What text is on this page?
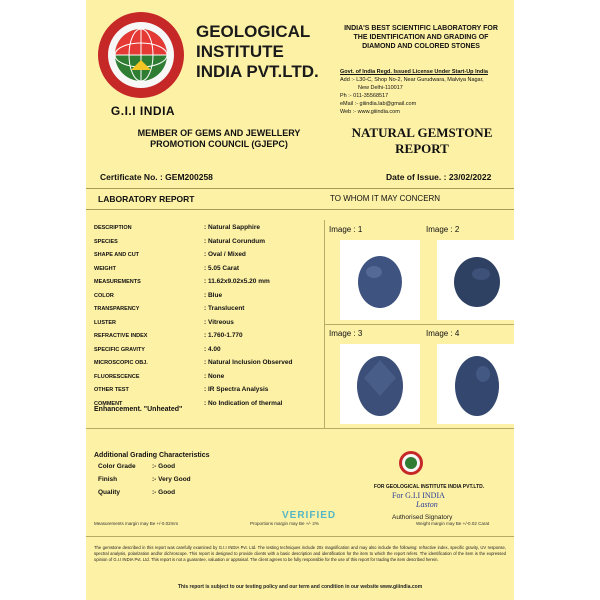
G.I.I INDIA
GEOLOGICAL
INSTITUTE
INDIA PVT.LTD.
MEMBER OF GEMS AND JEWELLERY
PROMOTION COUNCIL (GJEPC)
INDIA'S BEST SCIENTIFIC LABORATORY FOR
THE IDENTIFICATION AND GRADING OF
DIAMOND AND COLORED STONES
Govt. of India Regd. Issued License Under Start-Up India
Add :- L30-C, Shop No-2, Near Gurudwara, Malviya Nagar,
New Delhi-110017
Ph :- 011-35568517
eMail :- giiindia.lab@gmail.com
Web :- www.giiindia.com
NATURAL GEMSTONE
REPORT
Certificate No. : GEM200258	Date of Issue. : 23/02/2022
LABORATORY REPORT	TO WHOM IT MAY CONCERN
DESCRIPTION	: Natural Sapphire
SPECIES	: Natural Corundum
SHAPE AND CUT	: Oval / Mixed
WEIGHT	: 5.05 Carat
MEASUREMENTS	: 11.62x9.02x5.20 mm
COLOR	: Blue
TRANSPARENCY	: Translucent
LUSTER	: Vitreous
REFRACTIVE INDEX	: 1.760-1.770
SPECIFIC GRAVITY	: 4.00
MICROSCOPIC OBJ.	: Natural Inclusion Observed
FLUORESCENCE	: None
OTHER TEST	: IR Spectra Analysis
COMMENT	: No Indication of thermal
Enhancement. "Unheated"
Image : 1	Image : 2
Image : 3	Image : 4
Additional Grading Characteristics
Color Grade	:- Good
Finish	:- Very Good
Quality	:- Good
FOR GEOLOGICAL INSTITUTE INDIA PVT.LTD.
For G.I.I INDIA
Laston
Authorised Signatory
VERIFIED
Measurements margin may Be +/-0.02mm	Proportions margin may Be +/- 2%	Weight margin may Be +/-0.02 Carat
The gemstone described in this report was carefully examined by G.I.I INDIA Pvt. Ltd. The testing techniques include 20x magnification and may also include the following: refractive index, specific gravity, UV response, spectral analysis, polarization and/or dichroscope. This report is designed to provide clients with a basic description and identification for the item to which the report refers. The identification of the item is the expressed opinion of G.I.I INDIA Pvt. Ltd. This report is not a guarantee, valuation or appraisal. The client agrees to be fully responsible for the use of this report for trading the item described herein.
This report is subject to our testing policy and our term and condition in our website www.giiindia.com
